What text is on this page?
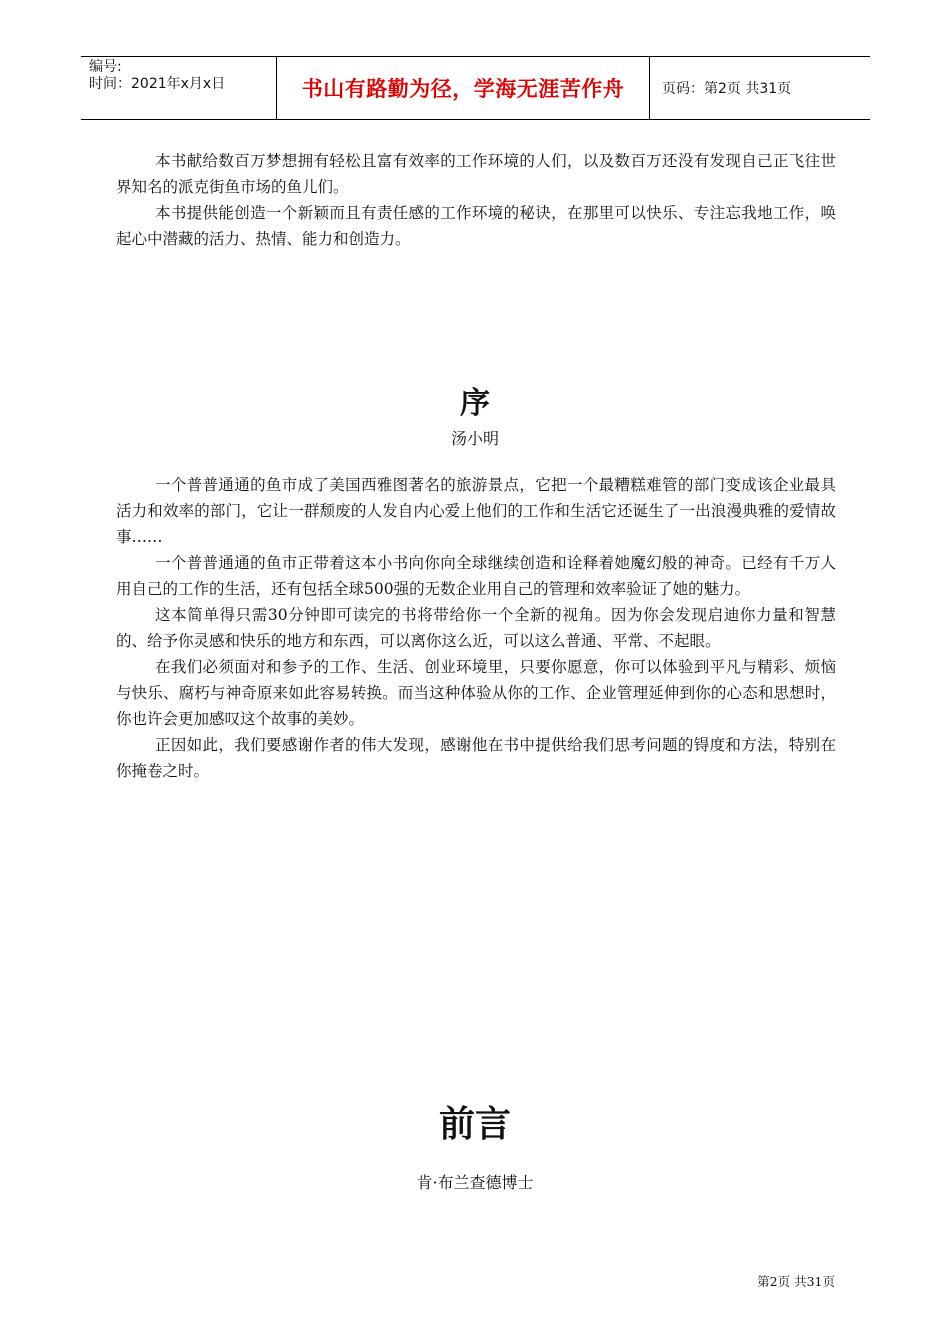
编号:
时间：2021年x月x日	书山有路勤为径，学海无涯苦作舟	页码：第2页 共31页

本书献给数百万梦想拥有轻松且富有效率的工作环境的人们，以及数百万还没有发现自己正飞往世界知名的派克街鱼市场的鱼儿们。

本书提供能创造一个新颖而且有责任感的工作环境的秘诀，在那里可以快乐、专注忘我地工作，唤起心中潜藏的活力、热情、能力和创造力。

序
汤小明

一个普普通通的鱼市成了美国西雅图著名的旅游景点，它把一个最糟糕难管的部门变成该企业最具活力和效率的部门，它让一群颓废的人发自内心爱上他们的工作和生活它还诞生了一出浪漫典雅的爱情故事……

一个普普通通的鱼市正带着这本小书向你向全球继续创造和诠释着她魔幻般的神奇。已经有千万人用自己的工作的生活，还有包括全球500强的无数企业用自己的管理和效率验证了她的魅力。

这本简单得只需30分钟即可读完的书将带给你一个全新的视角。因为你会发现启迪你力量和智慧的、给予你灵感和快乐的地方和东西，可以离你这么近，可以这么普通、平常、不起眼。

在我们必须面对和参予的工作、生活、创业环境里，只要你愿意，你可以体验到平凡与精彩、烦恼与快乐、腐朽与神奇原来如此容易转换。而当这种体验从你的工作、企业管理延伸到你的心态和思想时，你也许会更加感叹这个故事的美妙。

正因如此，我们要感谢作者的伟大发现，感谢他在书中提供给我们思考问题的锝度和方法，特别在你掩卷之时。

前言
肯·布兰查德博士
第2页 共31页
